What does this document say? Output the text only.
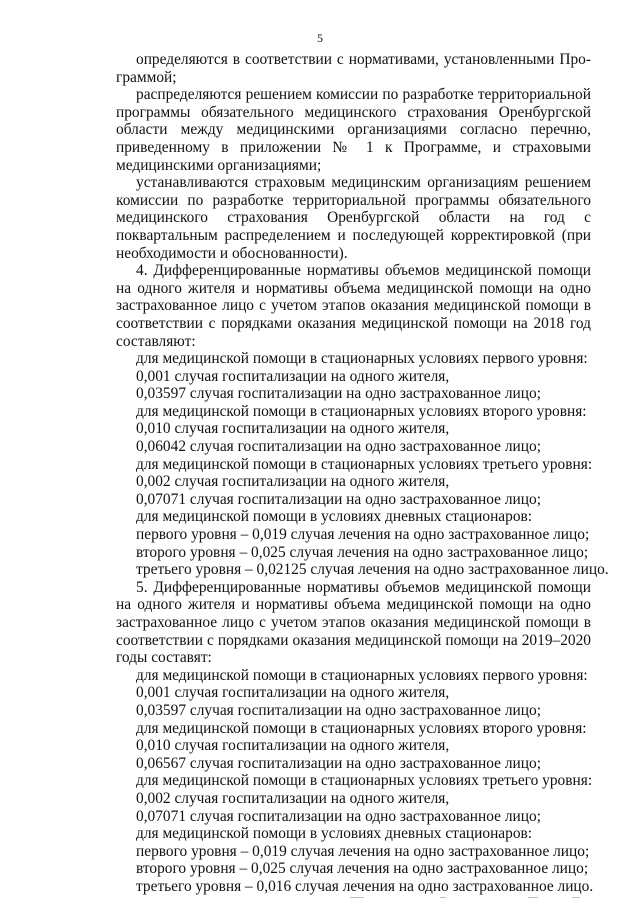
5

определяются в соответствии с нормативами, установленными Программой;

распределяются решением комиссии по разработке территориальной программы обязательного медицинского страхования Оренбургской области между медицинскими организациями согласно перечню, приведенному в приложении № 1 к Программе, и страховыми медицинскими организациями;

устанавливаются страховым медицинским организациям решением комиссии по разработке территориальной программы обязательного медицинского страхования Оренбургской области на год с поквартальным распределением и последующей корректировкой (при необходимости и обоснованности).

4. Дифференцированные нормативы объемов медицинской помощи на одного жителя и нормативы объема медицинской помощи на одно застрахованное лицо с учетом этапов оказания медицинской помощи в соответствии с порядками оказания медицинской помощи на 2018 год составляют:

для медицинской помощи в стационарных условиях первого уровня:

0,001 случая госпитализации на одного жителя,

0,03597 случая госпитализации на одно застрахованное лицо;

для медицинской помощи в стационарных условиях второго уровня:

0,010 случая госпитализации на одного жителя,

0,06042 случая госпитализации на одно застрахованное лицо;

для медицинской помощи в стационарных условиях третьего уровня:

0,002 случая госпитализации на одного жителя,

0,07071 случая госпитализации на одно застрахованное лицо;

для медицинской помощи в условиях дневных стационаров:

первого уровня – 0,019 случая лечения на одно застрахованное лицо;

второго уровня – 0,025 случая лечения на одно застрахованное лицо;

третьего уровня – 0,02125 случая лечения на одно застрахованное лицо.

5. Дифференцированные нормативы объемов медицинской помощи на одного жителя и нормативы объема медицинской помощи на одно застрахованное лицо с учетом этапов оказания медицинской помощи в соответствии с порядками оказания медицинской помощи на 2019–2020 годы составят:

для медицинской помощи в стационарных условиях первого уровня:

0,001 случая госпитализации на одного жителя,

0,03597 случая госпитализации на одно застрахованное лицо;

для медицинской помощи в стационарных условиях второго уровня:

0,010 случая госпитализации на одного жителя,

0,06567 случая госпитализации на одно застрахованное лицо;

для медицинской помощи в стационарных условиях третьего уровня:

0,002 случая госпитализации на одного жителя,

0,07071 случая госпитализации на одно застрахованное лицо;

для медицинской помощи в условиях дневных стационаров:

первого уровня – 0,019 случая лечения на одно застрахованное лицо;

второго уровня – 0,025 случая лечения на одно застрахованное лицо;

третьего уровня – 0,016 случая лечения на одно застрахованное лицо.
